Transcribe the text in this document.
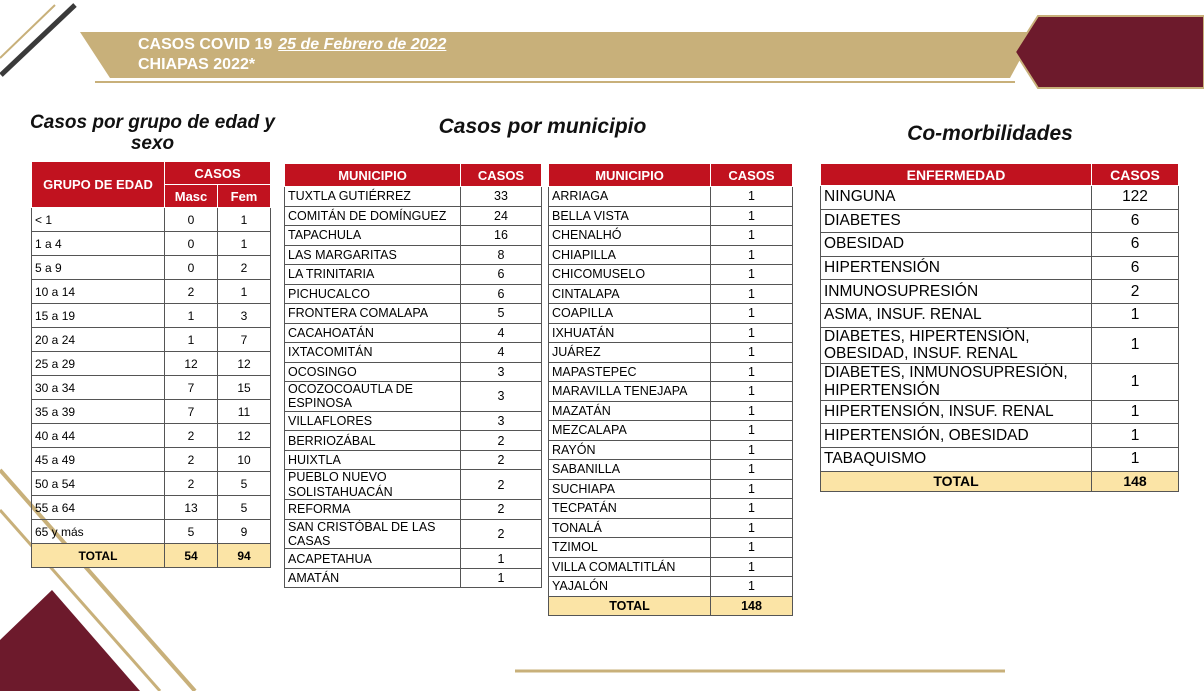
CASOS COVID 19 25 de Febrero de 2022
CHIAPAS 2022*
Casos por grupo de edad y sexo
Casos por municipio	Co-morbilidades
GRUPO DE EDAD	CASOS	
	Masc	Fem
< 1	0	1
1 a 4	0	1
5 a 9	0	2
10 a 14	2	1
15 a 19	1	3
20 a 24	1	7
25 a 29	12	12
30 a 34	7	15
35 a 39	7	11
40 a 44	2	12
45 a 49	2	10
50 a 54	2	5
55 a 64	13	5
65 y más	5	9
TOTAL	54	94
MUNICIPIO	CASOS
TUXTLA GUTIÉRREZ	33
COMITÁN DE DOMÍNGUEZ	24
TAPACHULA	16
LAS MARGARITAS	8
LA TRINITARIA	6
PICHUCALCO	6
FRONTERA COMALAPA	5
CACAHOATÁN	4
IXTACOMITÁN	4
OCOSINGO	3
OCOZOCOAUTLA DE ESPINOSA	3
VILLAFLORES	3
BERRIOZÁBAL	2
HUIXTLA	2
PUEBLO NUEVO SOLISTAHUACÁN	2
REFORMA	2
SAN CRISTÓBAL DE LAS CASAS	2
ACAPETAHUA	1
AMATÁN	1
MUNICIPIO	CASOS
ARRIAGA	1
BELLA VISTA	1
CHENALHÓ	1
CHIAPILLA	1
CHICOMUSELO	1
CINTALAPA	1
COAPILLA	1
IXHUATÁN	1
JUÁREZ	1
MAPASTEPEC	1
MARAVILLA TENEJAPA	1
MAZATÁN	1
MEZCALAPA	1
RAYÓN	1
SABANILLA	1
SUCHIAPA	1
TECPATÁN	1
TONALÁ	1
TZIMOL	1
VILLA COMALTITLÁN	1
YAJALÓN	1
TOTAL	148
ENFERMEDAD	CASOS
NINGUNA	122
DIABETES	6
OBESIDAD	6
HIPERTENSIÓN	6
INMUNOSUPRESIÓN	2
ASMA, INSUF. RENAL	1
DIABETES, HIPERTENSIÓN, OBESIDAD, INSUF. RENAL	1
DIABETES, INMUNOSUPRESIÓN, HIPERTENSIÓN	1
HIPERTENSIÓN, INSUF. RENAL	1
HIPERTENSIÓN, OBESIDAD	1
TABAQUISMO	1
TOTAL	148
